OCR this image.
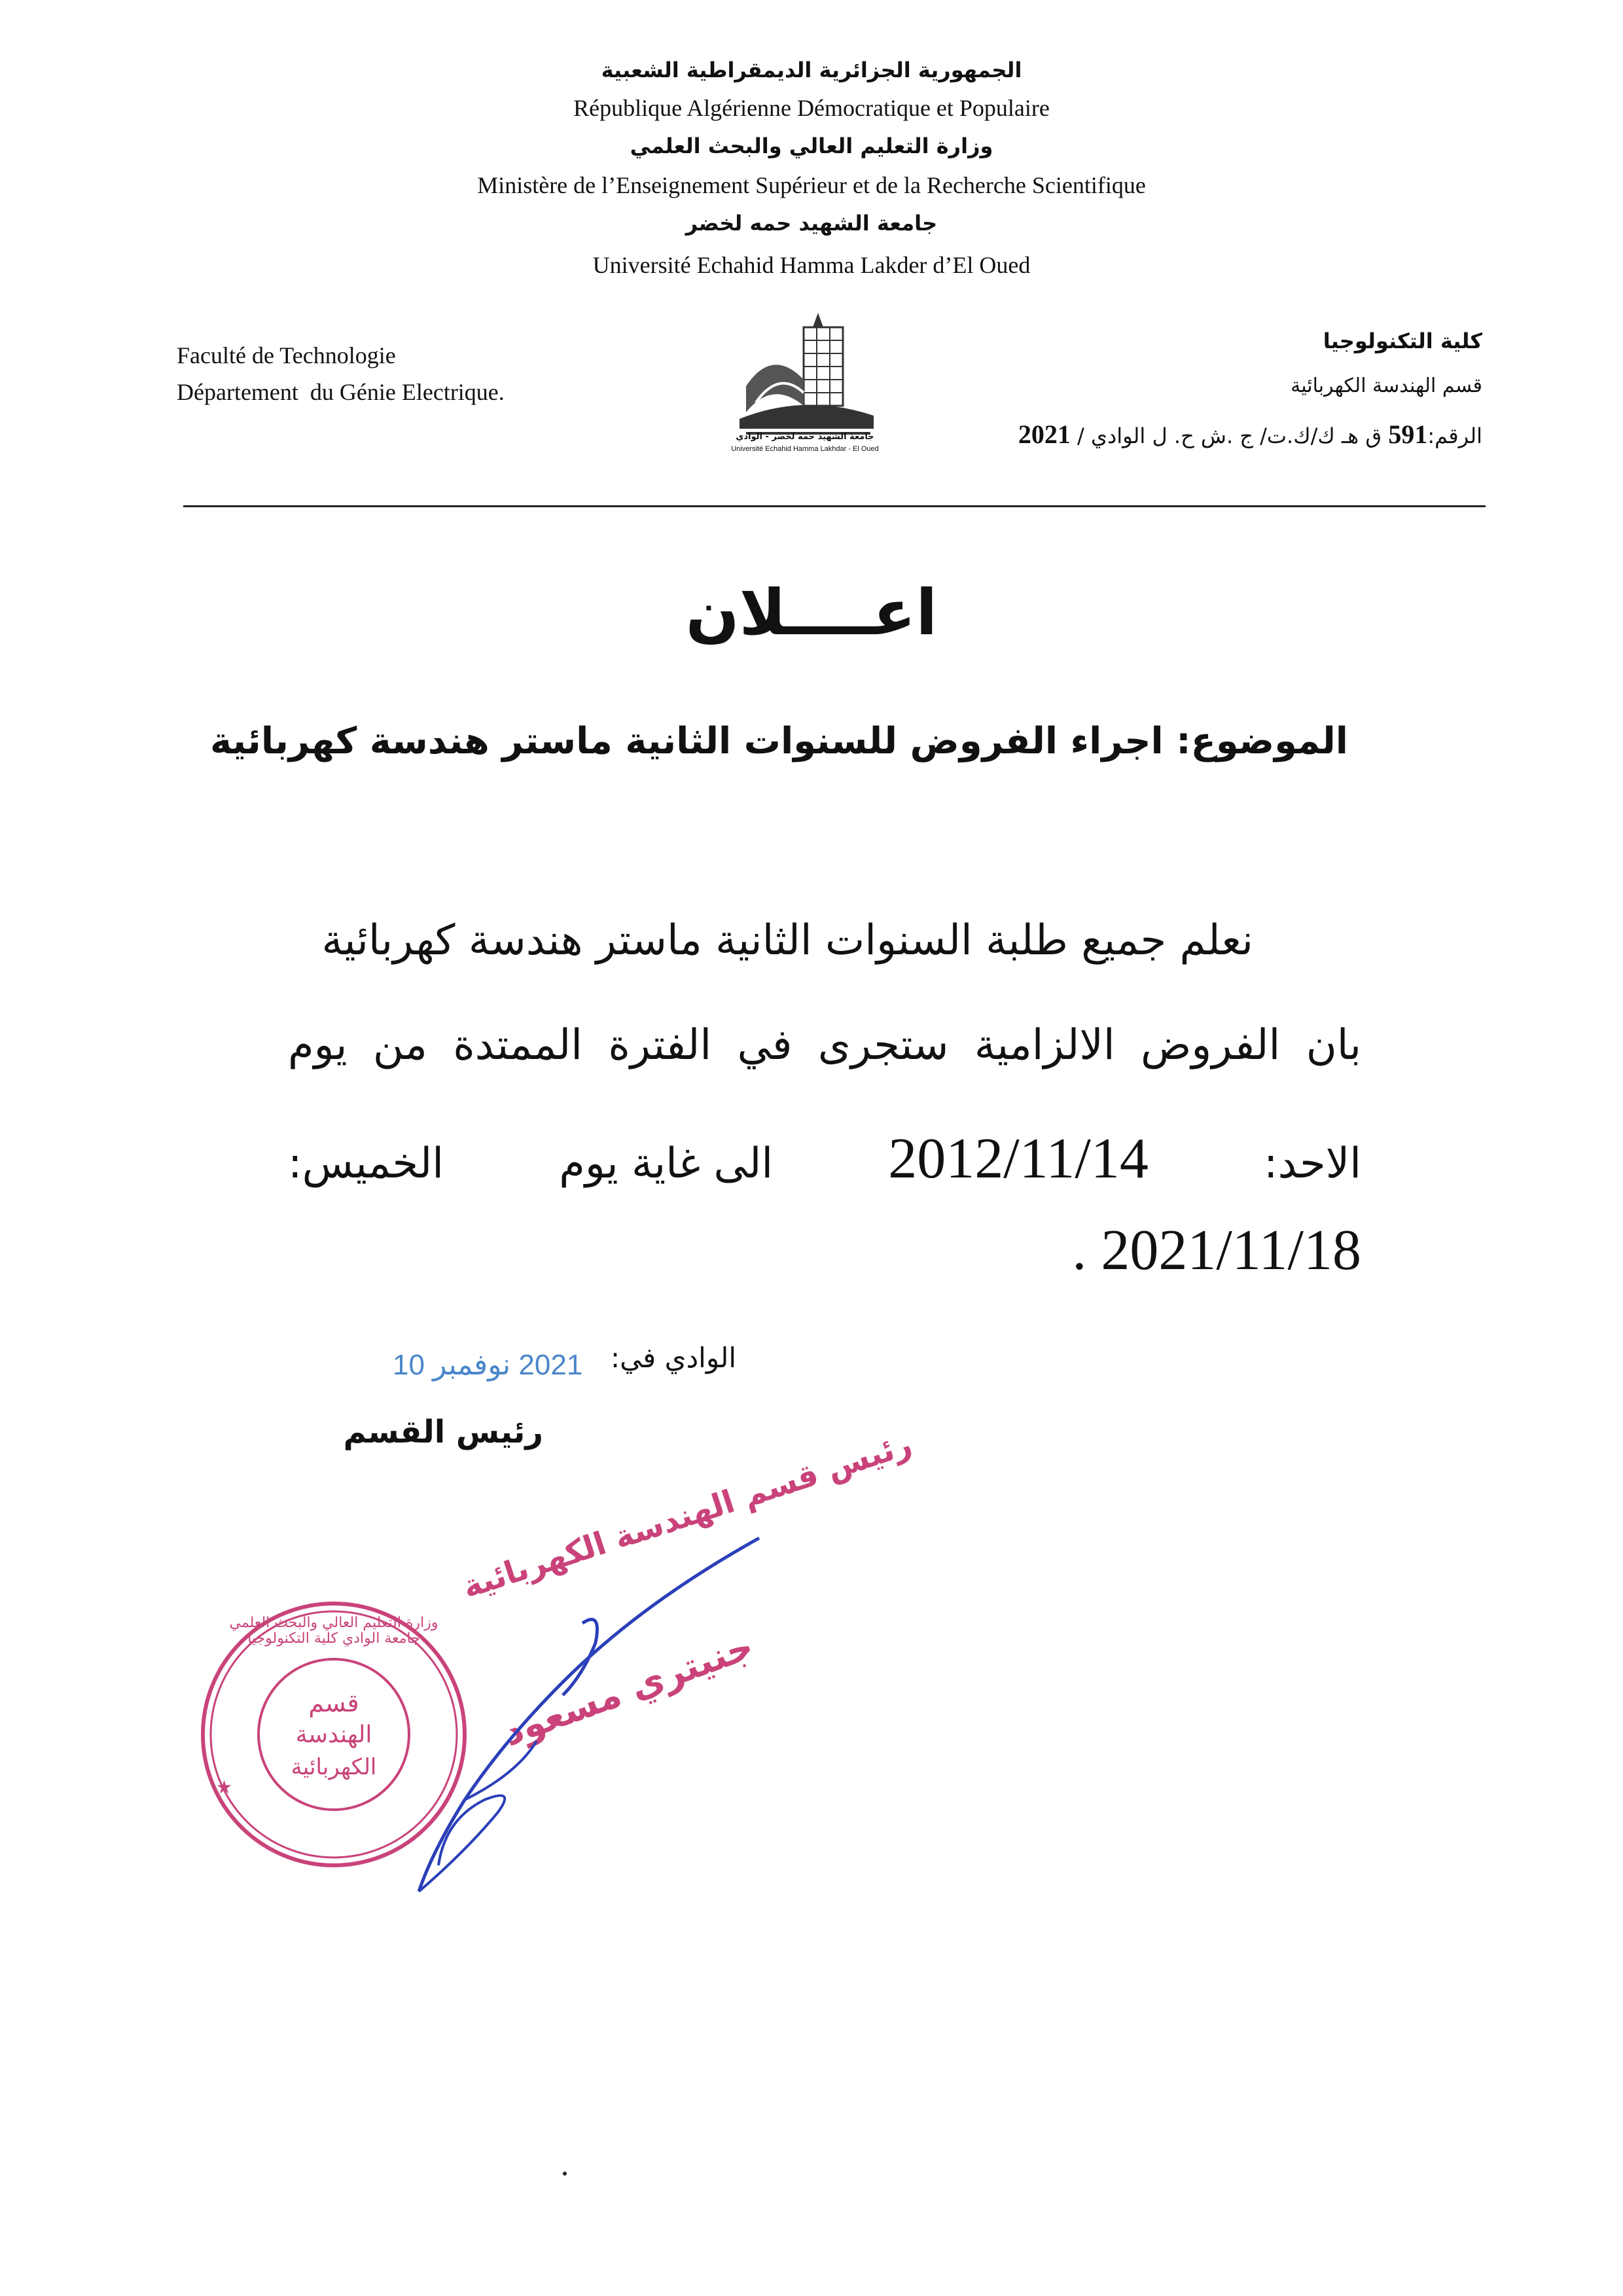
الجمهورية الجزائرية الديمقراطية الشعبية
République Algérienne Démocratique et Populaire
وزارة التعليم العالي والبحث العلمي
Ministère de l’Enseignement Supérieur et de la Recherche Scientifique
جامعة الشهيد حمه لخضر
Université Echahid Hamma Lakder d’El Oued
Faculté de Technologie
Département  du Génie Electrique.
جامعة الشهيد حمه لخضر - الوادي
Université Echahid Hamma Lakhdar - El Oued
كلية التكنولوجيا
قسم الهندسة الكهربائية
الرقم:591 ق هـ ك/ك.ت/ ج .ش ح. ل الوادي / 2021
اعــــلان
الموضوع: اجراء الفروض للسنوات الثانية ماستر هندسة كهربائية
نعلم جميع طلبة السنوات الثانية ماستر هندسة كهربائية
بان الفروض الالزامية ستجرى في الفترة الممتدة من يوم
الاحد:
2012/11/14
الى غاية يوم
الخميس:
. 2021/11/18
الوادي في:
2021 نوفمبر 10
رئيس القسم
رئيس قسم الهندسة الكهربائية
جنيتري مسعود
★
وزارة التعليم العالي والبحث العلمي جامعة الوادي كلية التكنولوجيا
قسم
الهندسة
الكهربائية
